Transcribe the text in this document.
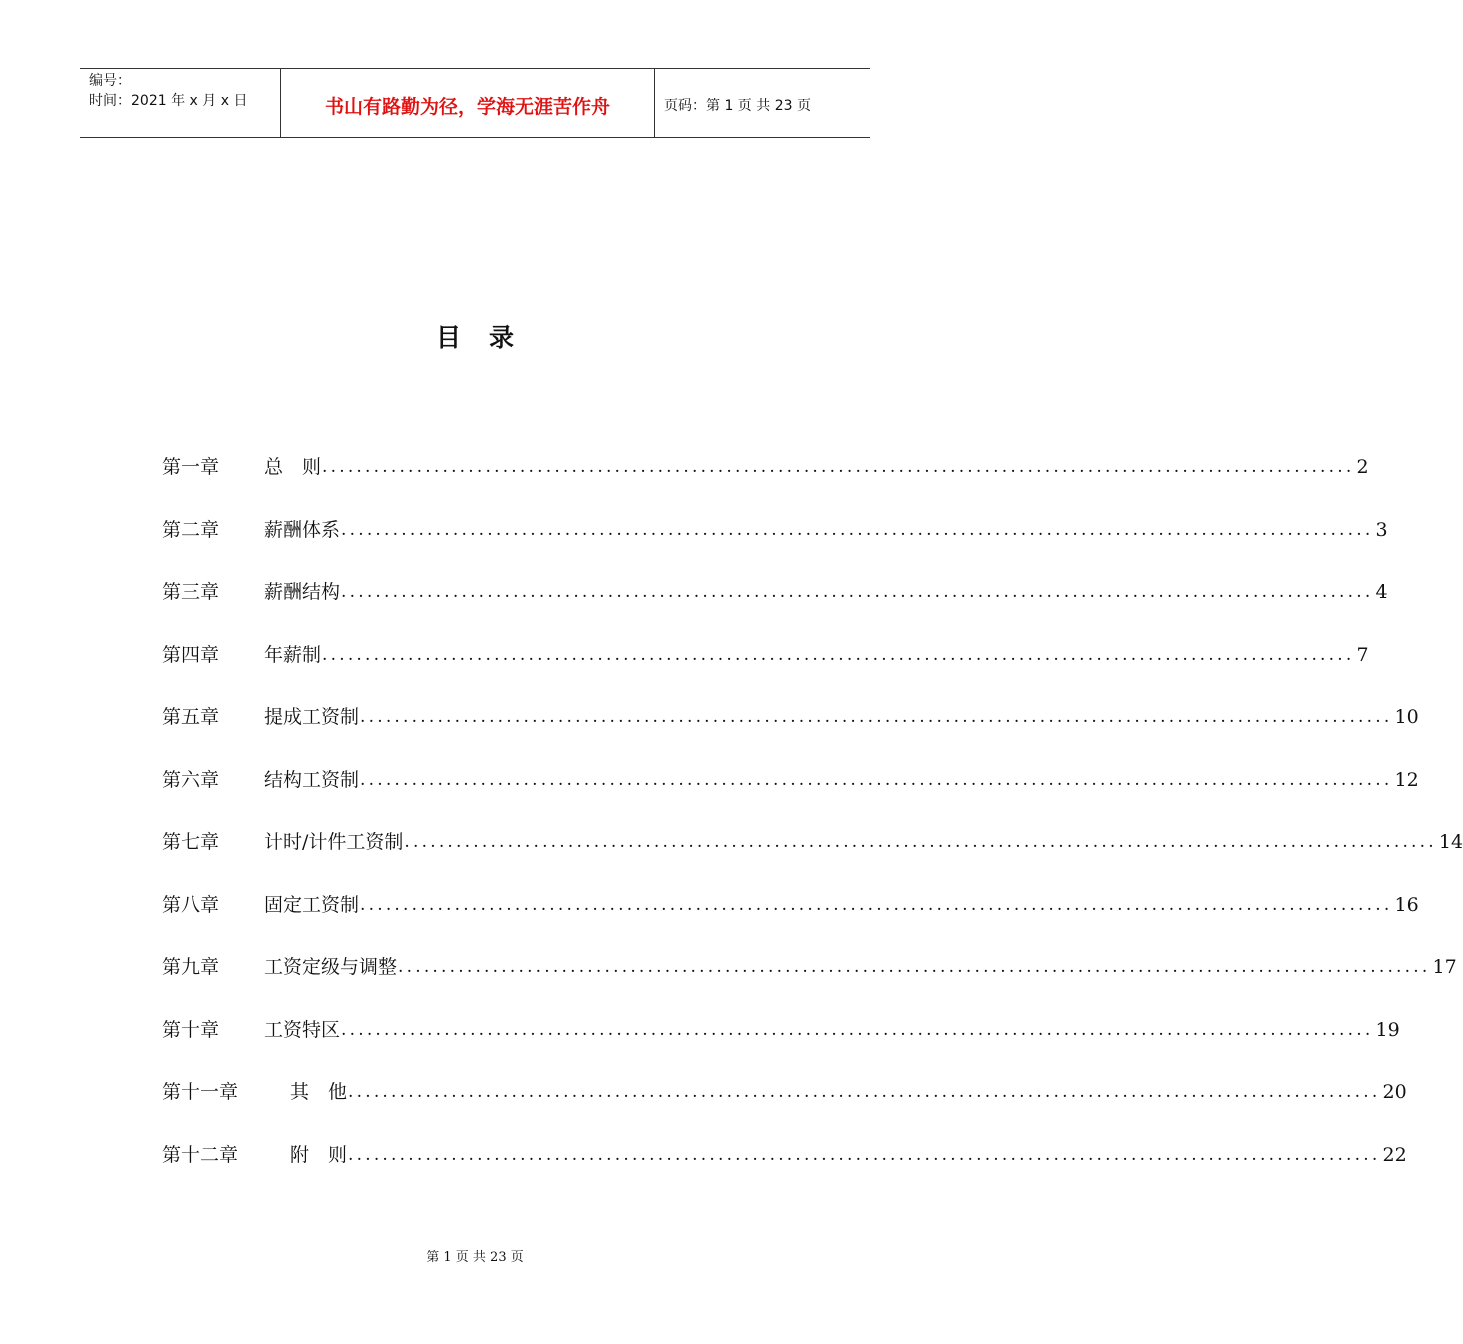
编号：
时间：2021 年 x 月 x 日	书山有路勤为径，学海无涯苦作舟	页码：第 1 页 共 23 页
目录
第一章	总　则 ........................................................................................................................ 2
第二章	薪酬体系 ........................................................................................................................ 3
第三章	薪酬结构 ........................................................................................................................ 4
第四章	年薪制 ........................................................................................................................ 7
第五章	提成工资制 ........................................................................................................................ 10
第六章	结构工资制 ........................................................................................................................ 12
第七章	计时/计件工资制 ........................................................................................................................ 14
第八章	固定工资制 ........................................................................................................................ 16
第九章	工资定级与调整 ........................................................................................................................ 17
第十章	工资特区 ........................................................................................................................ 19
第十一章	其　他 ........................................................................................................................ 20
第十二章	附　则 ........................................................................................................................ 22
第 1 页 共 23 页
